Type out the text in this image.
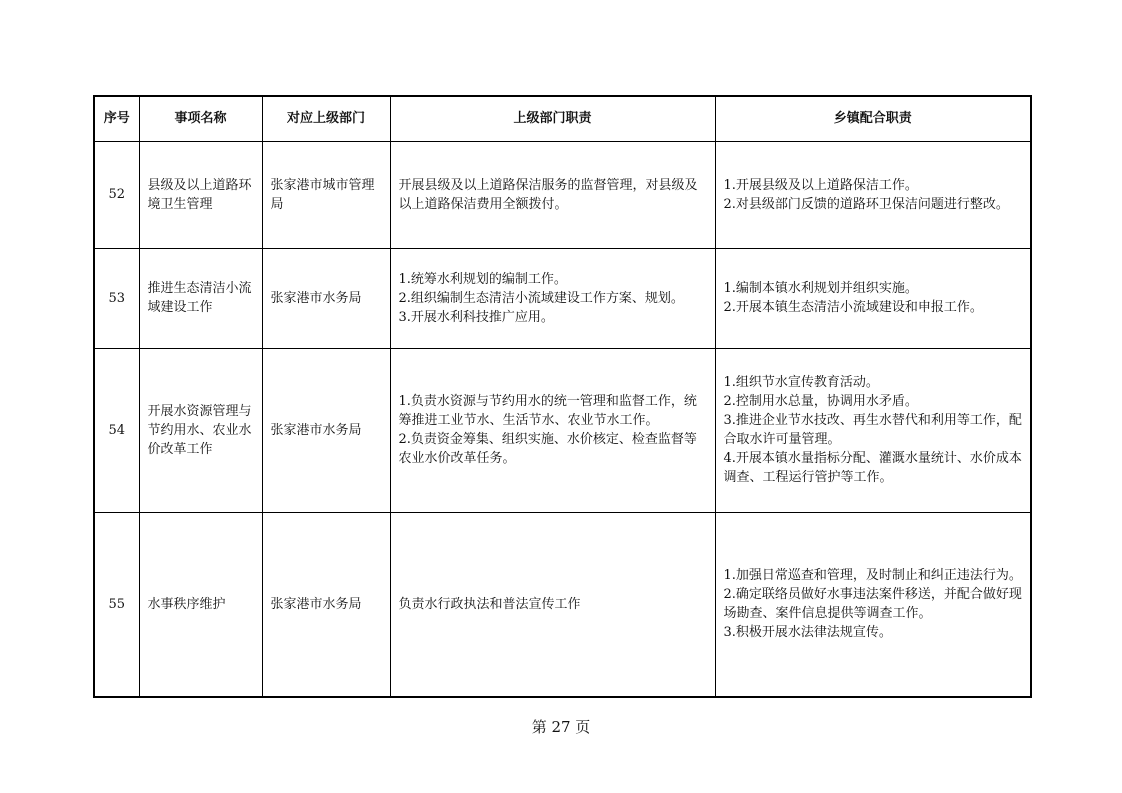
序号	事项名称	对应上级部门	上级部门职责	乡镇配合职责
52	县级及以上道路环境卫生管理	张家港市城市管理局	开展县级及以上道路保洁服务的监督管理，对县级及以上道路保洁费用全额拨付。	1.开展县级及以上道路保洁工作。
2.对县级部门反馈的道路环卫保洁问题进行整改。

53	推进生态清洁小流域建设工作	张家港市水务局	1.统筹水利规划的编制工作。
2.组织编制生态清洁小流域建设工作方案、规划。
3.开展水利科技推广应用。	1.编制本镇水利规划并组织实施。
2.开展本镇生态清洁小流域建设和申报工作。

54	开展水资源管理与节约用水、农业水价改革工作	张家港市水务局	1.负责水资源与节约用水的统一管理和监督工作，统筹推进工业节水、生活节水、农业节水工作。
2.负责资金筹集、组织实施、水价核定、检查监督等农业水价改革任务。	1.组织节水宣传教育活动。
2.控制用水总量，协调用水矛盾。
3.推进企业节水技改、再生水替代和利用等工作，配合取水许可量管理。
4.开展本镇水量指标分配、灌溉水量统计、水价成本调查、工程运行管护等工作。

55	水事秩序维护	张家港市水务局	负责水行政执法和普法宣传工作	1.加强日常巡查和管理，及时制止和纠正违法行为。
2.确定联络员做好水事违法案件移送，并配合做好现场勘查、案件信息提供等调查工作。
3.积极开展水法律法规宣传。
第 27 页
